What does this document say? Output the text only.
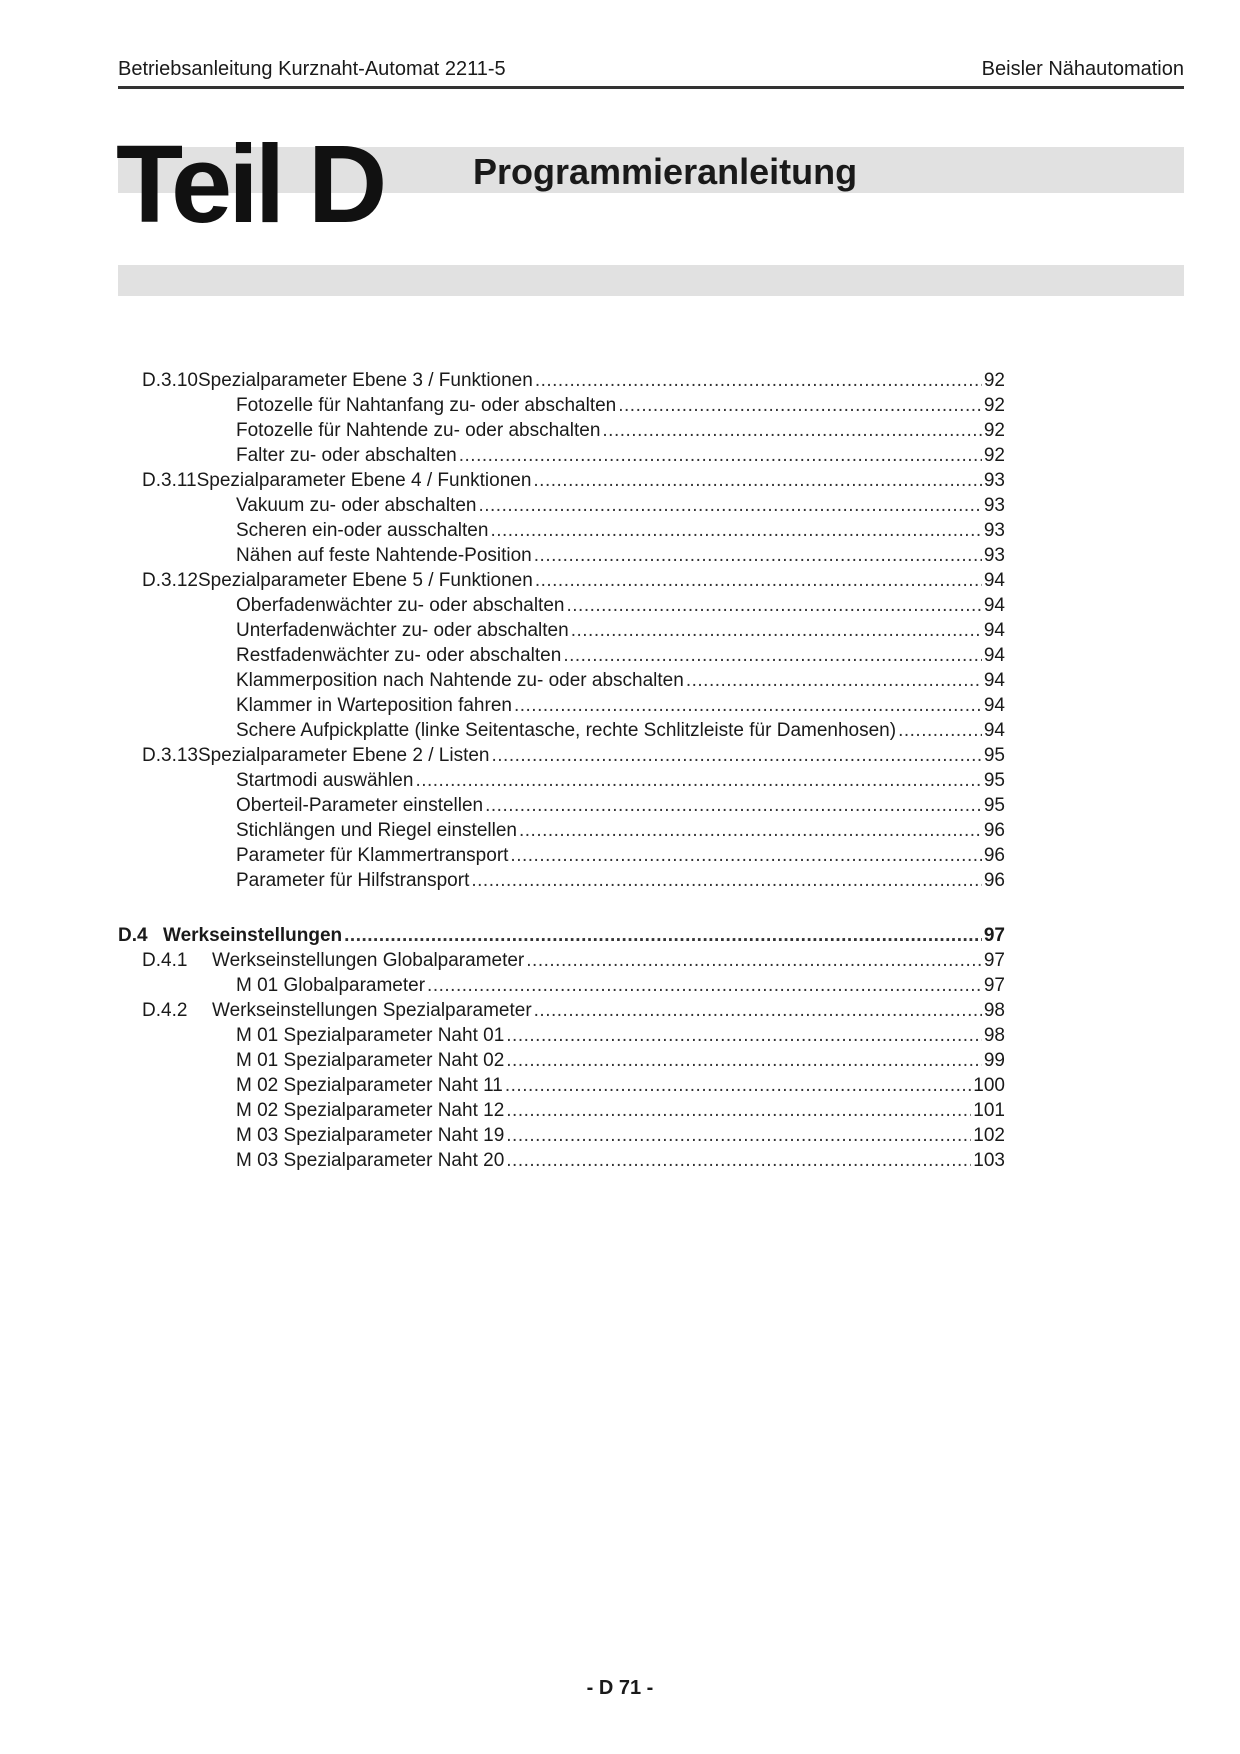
Betriebsanleitung Kurznaht-Automat 2211-5	Beisler Nähautomation
Teil D Programmieranleitung
D.3.10 Spezialparameter Ebene 3 / Funktionen .....	92
Fotozelle für Nahtanfang zu- oder abschalten .....	92
Fotozelle für Nahtende zu- oder abschalten .....	92
Falter zu- oder abschalten .....	92
D.3.11 Spezialparameter Ebene 4 / Funktionen .....	93
Vakuum zu- oder abschalten .....	93
Scheren ein-oder ausschalten .....	93
Nähen auf feste Nahtende-Position .....	93
D.3.12 Spezialparameter Ebene 5 / Funktionen .....	94
Oberfadenwächter zu- oder abschalten .....	94
Unterfadenwächter zu- oder abschalten .....	94
Restfadenwächter zu- oder abschalten .....	94
Klammerposition nach Nahtende zu- oder abschalten .....	94
Klammer in Warteposition fahren .....	94
Schere Aufpickplatte (linke Seitentasche, rechte Schlitzleiste für Damenhosen) .....	94
D.3.13 Spezialparameter Ebene 2 / Listen .....	95
Startmodi auswählen .....	95
Oberteil-Parameter einstellen .....	95
Stichlängen und Riegel einstellen .....	96
Parameter für Klammertransport .....	96
Parameter für Hilfstransport .....	96
D.4 Werkseinstellungen .....	97
D.4.1	Werkseinstellungen Globalparameter .....	97
M 01 Globalparameter .....	97
D.4.2	Werkseinstellungen Spezialparameter .....	98
M 01 Spezialparameter Naht 01 .....	98
M 01 Spezialparameter Naht 02 .....	99
M 02 Spezialparameter Naht 11 .....	100
M 02 Spezialparameter Naht 12 .....	101
M 03 Spezialparameter Naht 19 .....	102
M 03 Spezialparameter Naht 20 .....	103
- D 71 -
